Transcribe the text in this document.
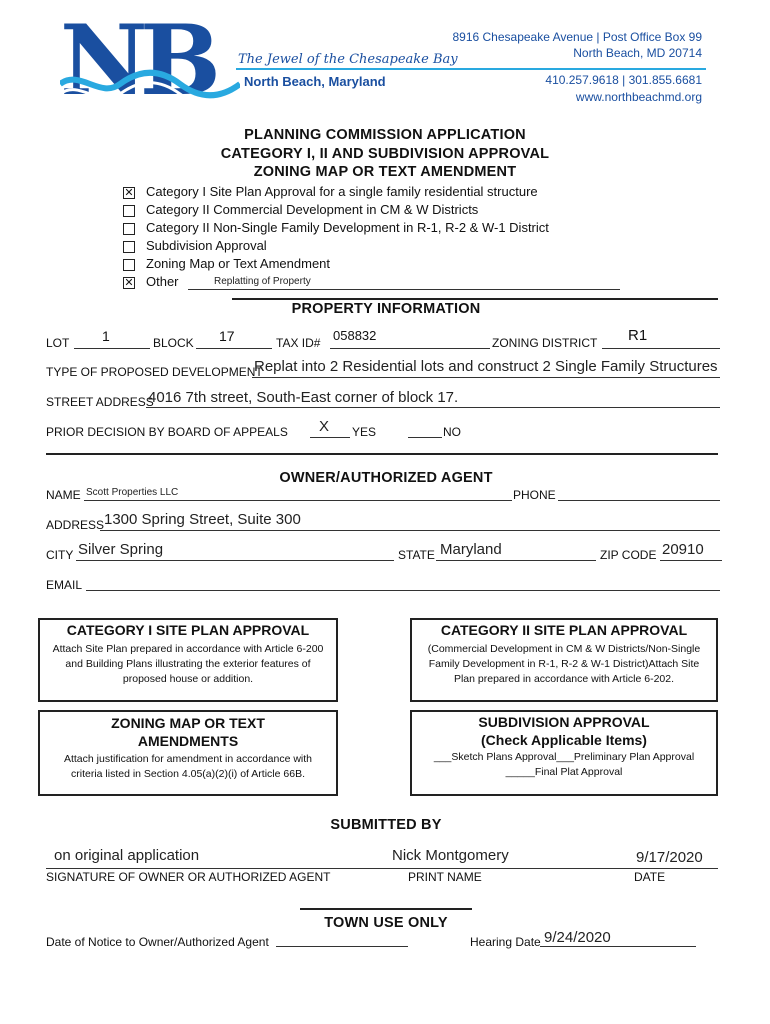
NB The Jewel of the Chesapeake Bay
North Beach, Maryland
8916 Chesapeake Avenue | Post Office Box 99
North Beach, MD 20714
410.257.9618 | 301.855.6681
www.northbeachmd.org
PLANNING COMMISSION APPLICATION
CATEGORY I, II AND SUBDIVISION APPROVAL
ZONING MAP OR TEXT AMENDMENT
✕ Category I Site Plan Approval for a single family residential structure
Category II Commercial Development in CM & W Districts
Category II Non-Single Family Development in R-1, R-2 & W-1 District
Subdivision Approval
Zoning Map or Text Amendment
✕ Other	Replatting of Property
PROPERTY INFORMATION
LOT 1	BLOCK 17	TAX ID# 058832	ZONING DISTRICT R1
TYPE OF PROPOSED DEVELOPMENT
Replat into 2 Residential lots and construct 2 Single Family Structures
STREET ADDRESS
4016 7th street, South-East corner of block 17.
PRIOR DECISION BY BOARD OF APPEALS X YES	NO
OWNER/AUTHORIZED AGENT
NAME Scott Properties LLC	PHONE
ADDRESS 1300 Spring Street, Suite 300
CITY Silver Spring	STATE Maryland	ZIP CODE 20910
EMAIL
CATEGORY I SITE PLAN APPROVAL

Attach Site Plan prepared in accordance with Article 6-200 and Building Plans illustrating the exterior features of proposed house or addition.

CATEGORY II SITE PLAN APPROVAL

(Commercial Development in CM & W Districts/Non-Single Family Development in R-1, R-2 & W-1 District)Attach Site Plan prepared in accordance with Article 6-202.

ZONING MAP OR TEXT AMENDMENTS

Attach justification for amendment in accordance with criteria listed in Section 4.05(a)(2)(i) of Article 66B.

SUBDIVISION APPROVAL
(Check Applicable Items)

___Sketch Plans Approval___Preliminary Plan Approval

_____Final Plat Approval

SUBMITTED BY
on original application
SIGNATURE OF OWNER OR AUTHORIZED AGENT
Nick Montgomery
PRINT NAME
9/17/2020
DATE
TOWN USE ONLY
Date of Notice to Owner/Authorized Agent	Hearing Date 9/24/2020
